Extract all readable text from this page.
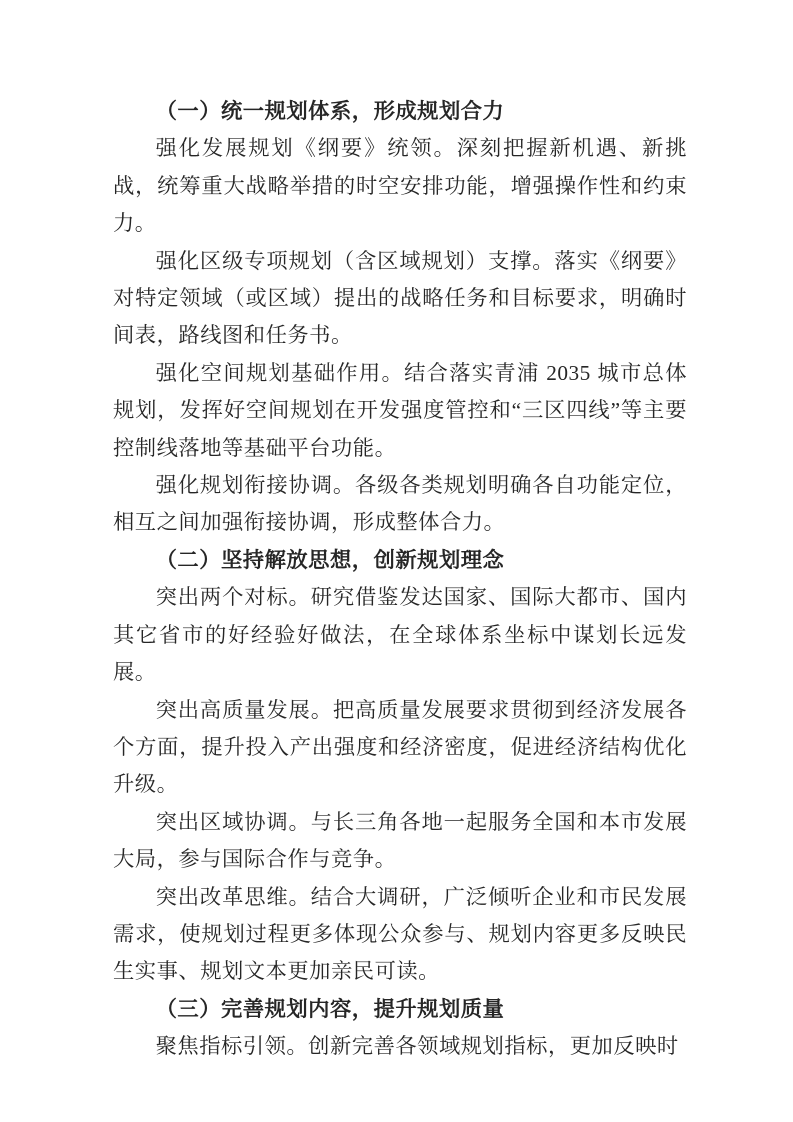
（一）统一规划体系，形成规划合力

强化发展规划《纲要》统领。深刻把握新机遇、新挑战，统筹重大战略举措的时空安排功能，增强操作性和约束力。

强化区级专项规划（含区域规划）支撑。落实《纲要》对特定领域（或区域）提出的战略任务和目标要求，明确时间表，路线图和任务书。

强化空间规划基础作用。结合落实青浦 2035 城市总体规划，发挥好空间规划在开发强度管控和“三区四线”等主要控制线落地等基础平台功能。

强化规划衔接协调。各级各类规划明确各自功能定位，相互之间加强衔接协调，形成整体合力。

（二）坚持解放思想，创新规划理念

突出两个对标。研究借鉴发达国家、国际大都市、国内其它省市的好经验好做法，在全球体系坐标中谋划长远发展。

突出高质量发展。把高质量发展要求贯彻到经济发展各个方面，提升投入产出强度和经济密度，促进经济结构优化升级。

突出区域协调。与长三角各地一起服务全国和本市发展大局，参与国际合作与竞争。

突出改革思维。结合大调研，广泛倾听企业和市民发展需求，使规划过程更多体现公众参与、规划内容更多反映民生实事、规划文本更加亲民可读。

（三）完善规划内容，提升规划质量

聚焦指标引领。创新完善各领域规划指标，更加反映时
